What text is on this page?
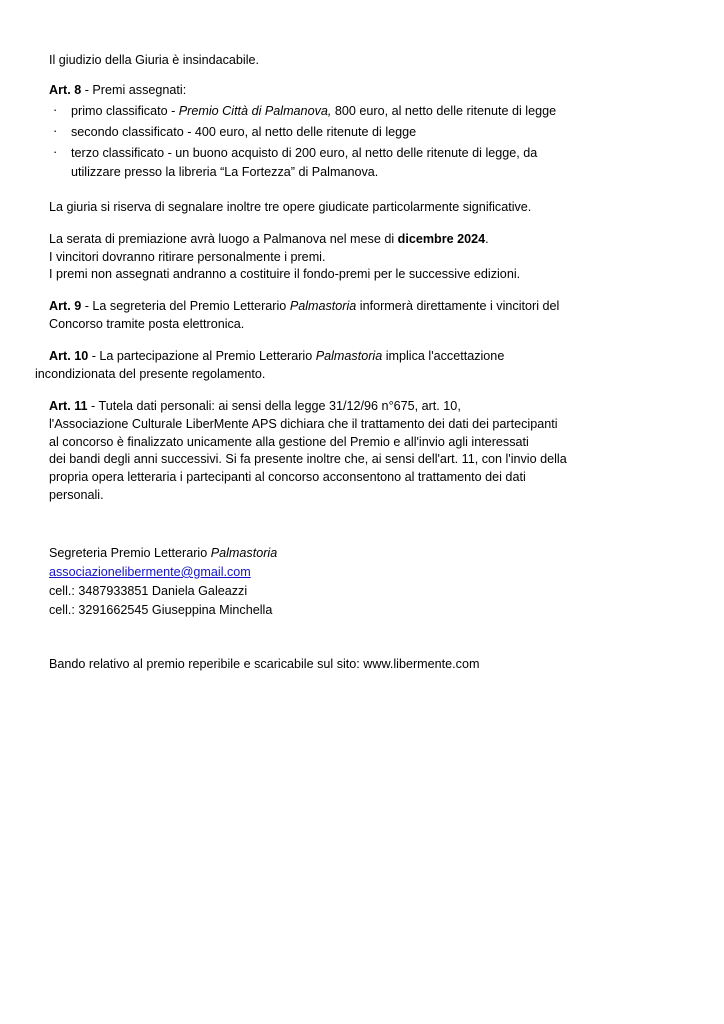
Il giudizio della Giuria è insindacabile.

Art. 8 - Premi assegnati:

· primo classificato - Premio Città di Palmanova, 800 euro, al netto delle ritenute di legge
· secondo classificato - 400 euro, al netto delle ritenute di legge
· terzo classificato - un buono acquisto di 200 euro, al netto delle ritenute di legge, da
utilizzare presso la libreria “La Fortezza” di Palmanova.

La giuria si riserva di segnalare inoltre tre opere giudicate particolarmente significative.

La serata di premiazione avrà luogo a Palmanova nel mese di dicembre 2024.
I vincitori dovranno ritirare personalmente i premi.
I premi non assegnati andranno a costituire il fondo-premi per le successive edizioni.
Art. 9 - La segreteria del Premio Letterario Palmastoria informerà direttamente i vincitori del
Concorso tramite posta elettronica.
Art. 10 - La partecipazione al Premio Letterario Palmastoria implica l'accettazione
incondizionata del presente regolamento.
Art. 11 - Tutela dati personali: ai sensi della legge 31/12/96 n°675, art. 10,
l'Associazione Culturale LiberMente APS dichiara che il trattamento dei dati dei partecipanti
al concorso è finalizzato unicamente alla gestione del Premio e all'invio agli interessati
dei bandi degli anni successivi. Si fa presente inoltre che, ai sensi dell'art. 11, con l'invio della
propria opera letteraria i partecipanti al concorso acconsentono al trattamento dei dati
personali.
Segreteria Premio Letterario Palmastoria
associazionelibermente@gmail.com
cell.: 3487933851 Daniela Galeazzi
cell.: 3291662545 Giuseppina Minchella
Bando relativo al premio reperibile e scaricabile sul sito: www.libermente.com
